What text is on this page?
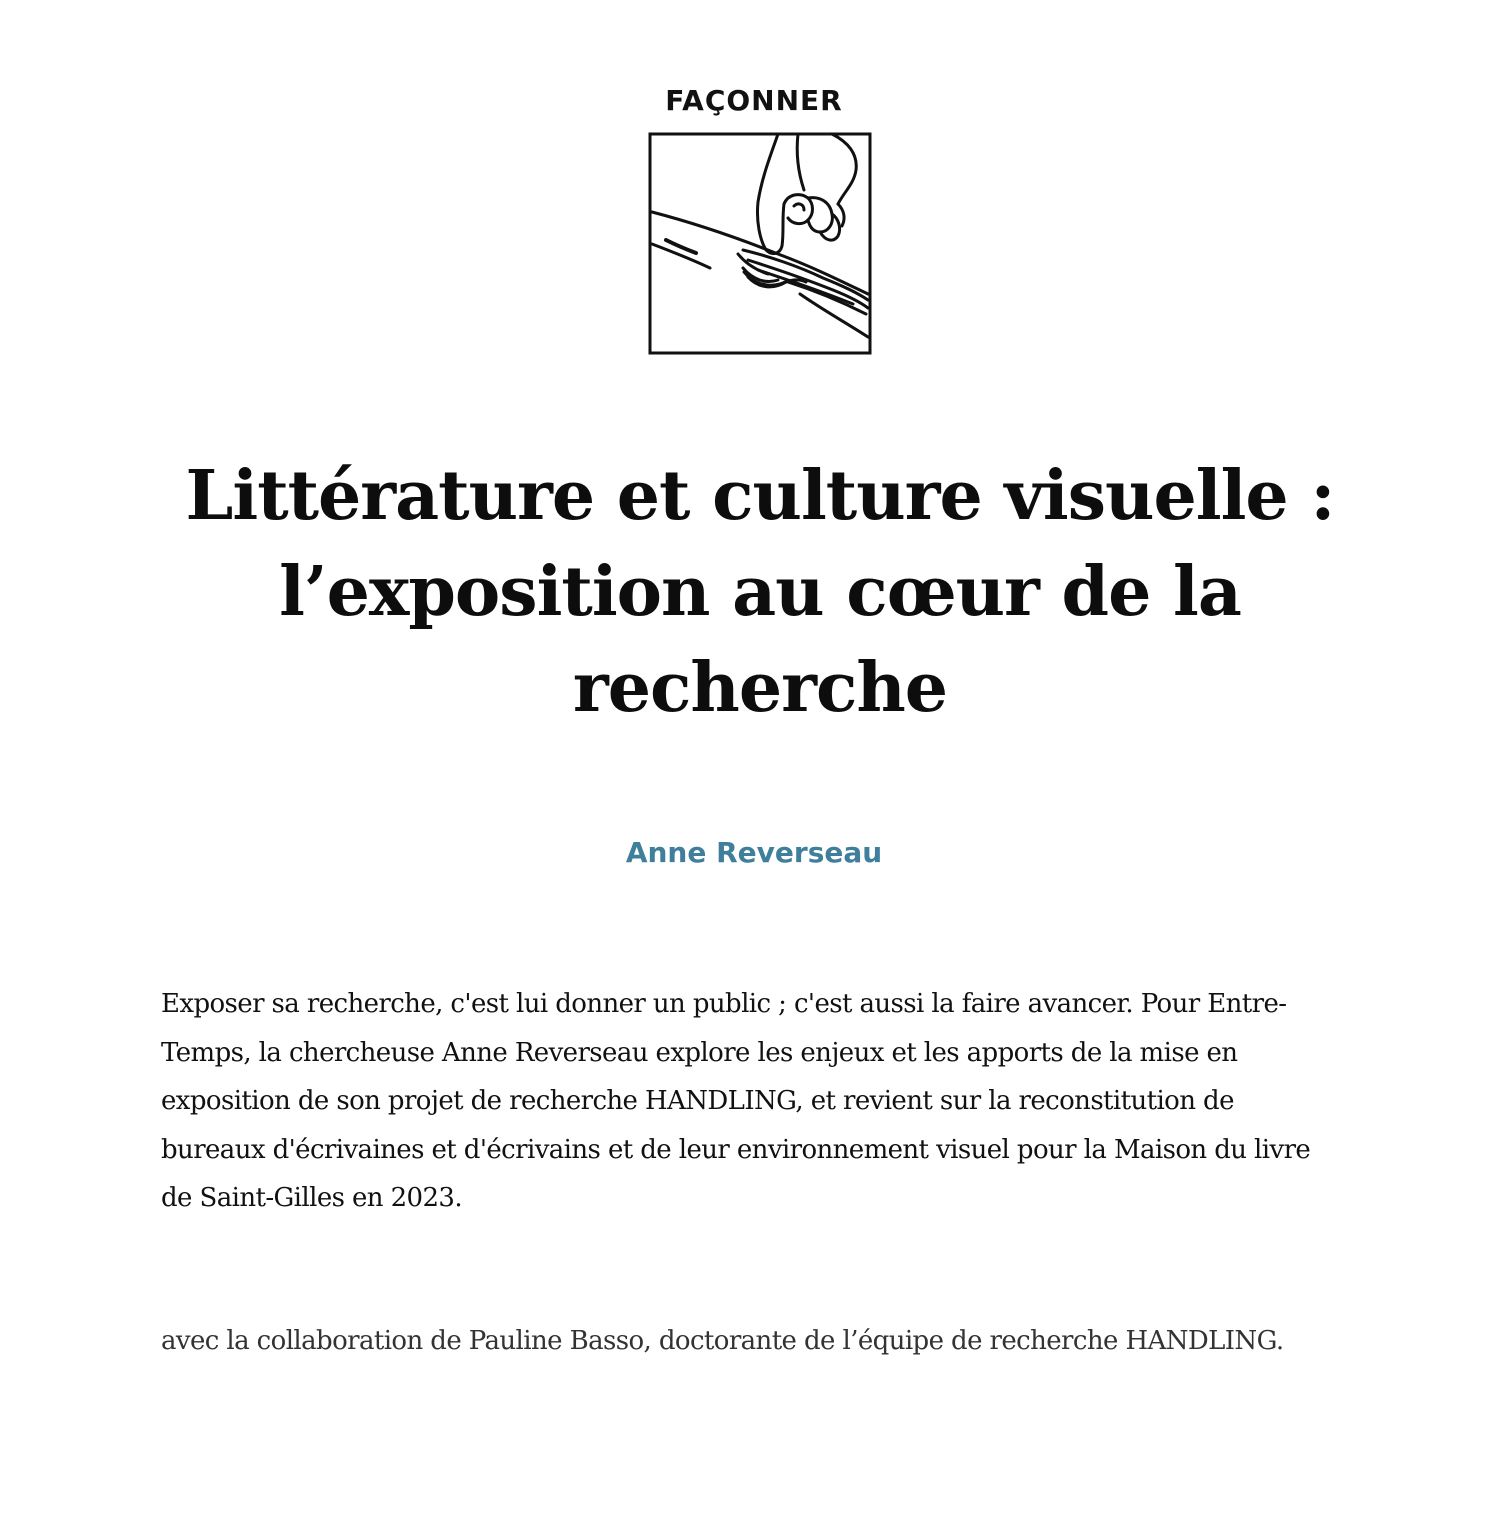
FAÇONNER
Littérature et culture visuelle : l’exposition au cœur de la recherche
Anne Reverseau

Exposer sa recherche, c'est lui donner un public ; c'est aussi la faire avancer. Pour Entre-Temps, la chercheuse Anne Reverseau explore les enjeux et les apports de la mise en exposition de son projet de recherche HANDLING, et revient sur la reconstitution de bureaux d'écrivaines et d'écrivains et de leur environnement visuel pour la Maison du livre de Saint-Gilles en 2023.

avec la collaboration de Pauline Basso, doctorante de l’équipe de recherche HANDLING.
